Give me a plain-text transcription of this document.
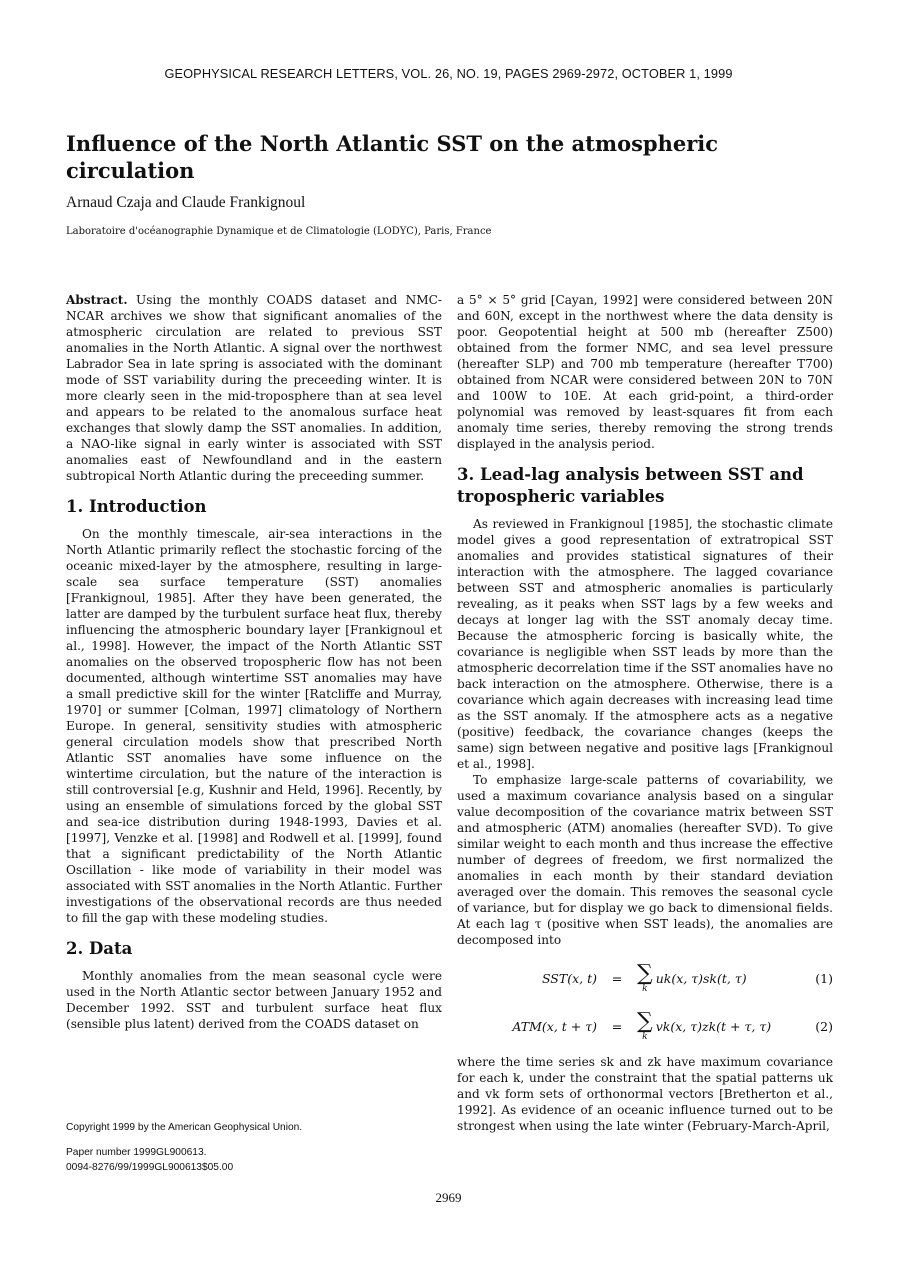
GEOPHYSICAL RESEARCH LETTERS, VOL. 26, NO. 19, PAGES 2969-2972, OCTOBER 1, 1999
Influence of the North Atlantic SST on the atmospheric circulation
Arnaud Czaja and Claude Frankignoul
Laboratoire d'océanographie Dynamique et de Climatologie (LODYC), Paris, France

Abstract. Using the monthly COADS dataset and NMC-NCAR archives we show that significant anomalies of the atmospheric circulation are related to previous SST anomalies in the North Atlantic. A signal over the northwest Labrador Sea in late spring is associated with the dominant mode of SST variability during the preceeding winter. It is more clearly seen in the mid-troposphere than at sea level and appears to be related to the anomalous surface heat exchanges that slowly damp the SST anomalies. In addition, a NAO-like signal in early winter is associated with SST anomalies east of Newfoundland and in the eastern subtropical North Atlantic during the preceeding summer.

1. Introduction

On the monthly timescale, air-sea interactions in the North Atlantic primarily reflect the stochastic forcing of the oceanic mixed-layer by the atmosphere, resulting in large-scale sea surface temperature (SST) anomalies [Frankignoul, 1985]. After they have been generated, the latter are damped by the turbulent surface heat flux, thereby influencing the atmospheric boundary layer [Frankignoul et al., 1998]. However, the impact of the North Atlantic SST anomalies on the observed tropospheric flow has not been documented, although wintertime SST anomalies may have a small predictive skill for the winter [Ratcliffe and Murray, 1970] or summer [Colman, 1997] climatology of Northern Europe. In general, sensitivity studies with atmospheric general circulation models show that prescribed North Atlantic SST anomalies have some influence on the wintertime circulation, but the nature of the interaction is still controversial [e.g, Kushnir and Held, 1996]. Recently, by using an ensemble of simulations forced by the global SST and sea-ice distribution during 1948-1993, Davies et al. [1997], Venzke et al. [1998] and Rodwell et al. [1999], found that a significant predictability of the North Atlantic Oscillation - like mode of variability in their model was associated with SST anomalies in the North Atlantic. Further investigations of the observational records are thus needed to fill the gap with these modeling studies.

2. Data

Monthly anomalies from the mean seasonal cycle were used in the North Atlantic sector between January 1952 and December 1992. SST and turbulent surface heat flux (sensible plus latent) derived from the COADS dataset on

Copyright 1999 by the American Geophysical Union.
Paper number 1999GL900613.
0094-8276/99/1999GL900613$05.00

a 5° × 5° grid [Cayan, 1992] were considered between 20N and 60N, except in the northwest where the data density is poor. Geopotential height at 500 mb (hereafter Z500) obtained from the former NMC, and sea level pressure (hereafter SLP) and 700 mb temperature (hereafter T700) obtained from NCAR were considered between 20N to 70N and 100W to 10E. At each grid-point, a third-order polynomial was removed by least-squares fit from each anomaly time series, thereby removing the strong trends displayed in the analysis period.

3. Lead-lag analysis between SST and tropospheric variables

As reviewed in Frankignoul [1985], the stochastic climate model gives a good representation of extratropical SST anomalies and provides statistical signatures of their interaction with the atmosphere. The lagged covariance between SST and atmospheric anomalies is particularly revealing, as it peaks when SST lags by a few weeks and decays at longer lag with the SST anomaly decay time. Because the atmospheric forcing is basically white, the covariance is negligible when SST leads by more than the atmospheric decorrelation time if the SST anomalies have no back interaction on the atmosphere. Otherwise, there is a covariance which again decreases with increasing lead time as the SST anomaly. If the atmosphere acts as a negative (positive) feedback, the covariance changes (keeps the same) sign between negative and positive lags [Frankignoul et al., 1998].

To emphasize large-scale patterns of covariability, we used a maximum covariance analysis based on a singular value decomposition of the covariance matrix between SST and atmospheric (ATM) anomalies (hereafter SVD). To give similar weight to each month and thus increase the effective number of degrees of freedom, we first normalized the anomalies in each month by their standard deviation averaged over the domain. This removes the seasonal cycle of variance, but for display we go back to dimensional fields. At each lag τ (positive when SST leads), the anomalies are decomposed into

SST(x, t)	= ∑
k
uk(x, τ)sk(t, τ)	(1)
ATM(x, t + τ)	= ∑
k
vk(x, τ)zk(t + τ, τ)	(2)

where the time series sk and zk have maximum covariance for each k, under the constraint that the spatial patterns uk and vk form sets of orthonormal vectors [Bretherton et al., 1992]. As evidence of an oceanic influence turned out to be strongest when using the late winter (February-March-April,

2969
